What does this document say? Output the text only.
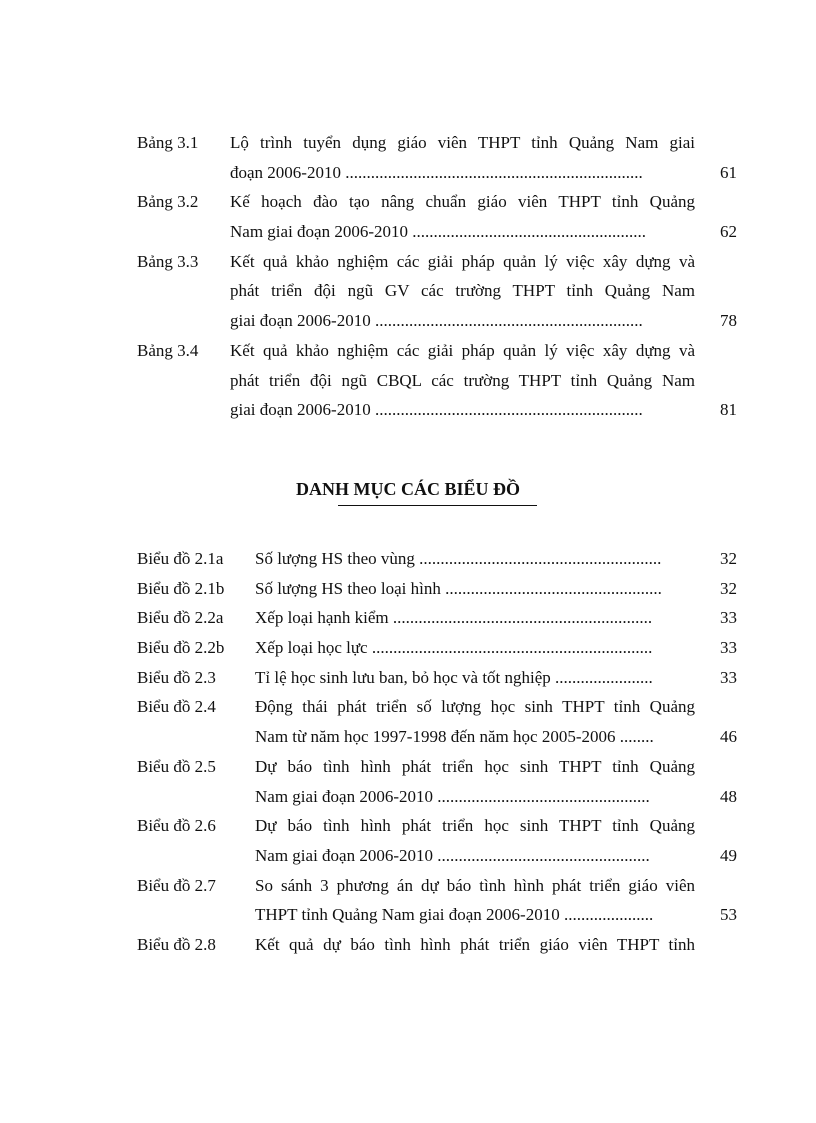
Bảng 3.1 Lộ trình tuyển dụng giáo viên THPT tỉnh Quảng Nam giai
đoạn 2006-2010 ......................................................................	61
Bảng 3.2 Kế hoạch đào tạo nâng chuẩn giáo viên THPT tỉnh Quảng
Nam giai đoạn 2006-2010 .......................................................	62
Bảng 3.3 Kết quả khảo nghiệm các giải pháp quản lý việc xây dựng và
phát triển đội ngũ GV các trường THPT tỉnh Quảng Nam
giai đoạn 2006-2010 ...............................................................	78
Bảng 3.4 Kết quả khảo nghiệm các giải pháp quản lý việc xây dựng và
phát triển đội ngũ CBQL các trường THPT tỉnh Quảng Nam
giai đoạn 2006-2010 ...............................................................	81
DANH MỤC CÁC BIỂU ĐỒ
Biểu đồ 2.1a Số lượng HS theo vùng .........................................................	32
Biểu đồ 2.1b Số lượng HS theo loại hình ...................................................	32
Biểu đồ 2.2a Xếp loại hạnh kiểm .............................................................	33
Biểu đồ 2.2b Xếp loại học lực ..................................................................	33
Biểu đồ 2.3 Tỉ lệ học sinh lưu ban, bỏ học và tốt nghiệp .......................	33
Biểu đồ 2.4 Động thái phát triển số lượng học sinh THPT tỉnh Quảng
Nam từ năm học 1997-1998 đến năm học 2005-2006 ........	46
Biểu đồ 2.5 Dự báo tình hình phát triển học sinh THPT tỉnh Quảng
Nam giai đoạn 2006-2010 ..................................................	48
Biểu đồ 2.6 Dự báo tình hình phát triển học sinh THPT tỉnh Quảng
Nam giai đoạn 2006-2010 ..................................................	49
Biểu đồ 2.7 So sánh 3 phương án dự báo tình hình phát triển giáo viên
THPT tỉnh Quảng Nam giai đoạn 2006-2010 .....................	53
Biểu đồ 2.8 Kết quả dự báo tình hình phát triển giáo viên THPT tỉnh
